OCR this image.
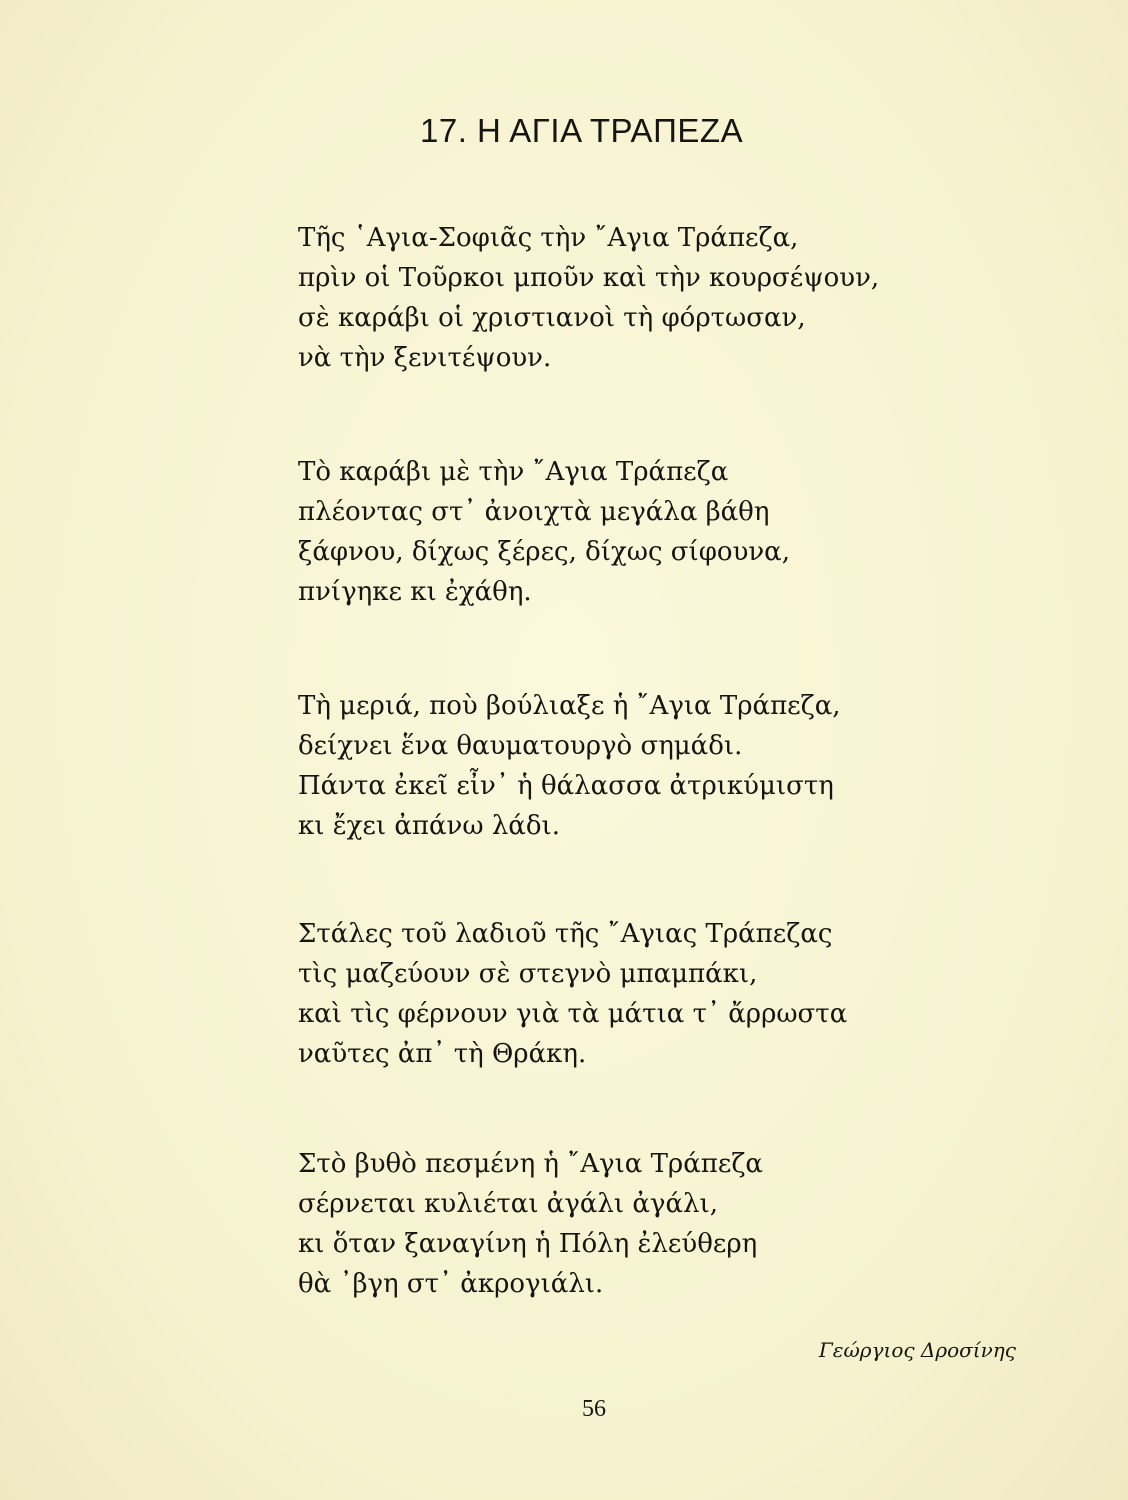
17. Η ΑΓΙΑ ΤΡΑΠΕΖΑ
Τῆς ῾Αγια-Σοφιᾶς τὴν ῎Αγια Τράπεζα,
πρὶν οἱ Τοῦρκοι μποῦν καὶ τὴν κουρσέψουν,
σὲ καράβι οἱ χριστιανοὶ τὴ φόρτωσαν,
νὰ τὴν ξενιτέψουν.
Τὸ καράβι μὲ τὴν ῎Αγια Τράπεζα
πλέοντας στ᾽ ἀνοιχτὰ μεγάλα βάθη
ξάφνου, δίχως ξέρες, δίχως σίφουνα,
πνίγηκε κι ἐχάθη.
Τὴ μεριά, ποὺ βούλιαξε ἡ ῎Αγια Τράπεζα,
δείχνει ἕνα θαυματουργὸ σημάδι.
Πάντα ἐκεῖ εἶν᾽ ἡ θάλασσα ἀτρικύμιστη
κι ἔχει ἀπάνω λάδι.
Στάλες τοῦ λαδιοῦ τῆς ῎Αγιας Τράπεζας
τὶς μαζεύουν σὲ στεγνὸ μπαμπάκι,
καὶ τὶς φέρνουν γιὰ τὰ μάτια τ᾽ ἄρρωστα
ναῦτες ἀπ᾽ τὴ Θράκη.
Στὸ βυθὸ πεσμένη ἡ ῎Αγια Τράπεζα
σέρνεται κυλιέται ἀγάλι ἀγάλι,
κι ὅταν ξαναγίνη ἡ Πόλη ἐλεύθερη
θὰ ᾽βγη στ᾽ ἀκρογιάλι.
Γεώργιος Δροσίνης
56
